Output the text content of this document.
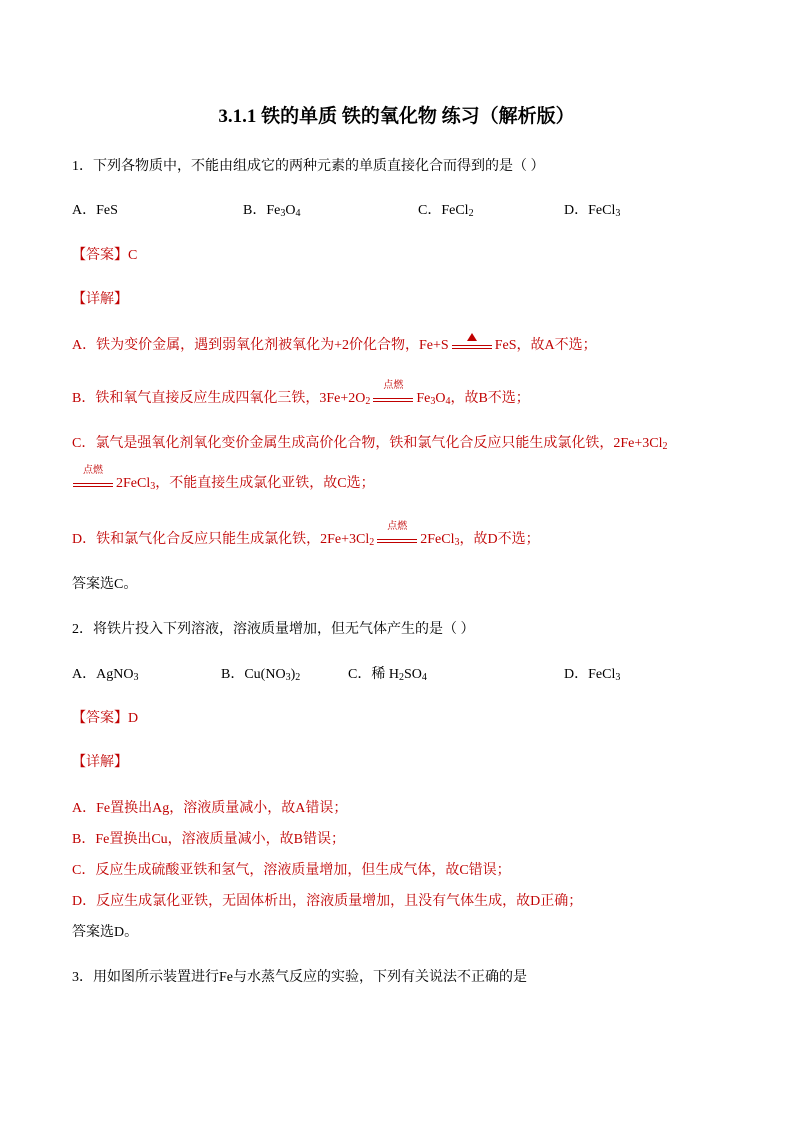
3.1.1 铁的单质 铁的氧化物 练习（解析版）
1．下列各物质中，不能由组成它的两种元素的单质直接化合而得到的是（ ）
A．FeS	B．$Fe_3O_4$	C．FeCl$_2$	D．FeCl$_3$
【答案】C
【详解】
A．铁为变价金属，遇到弱氧化剂被氧化为+2价化合物，Fe+S	FeS，故A不选；
B．铁和氧气直接反应生成四氧化三铁，$3Fe+2O_2$
点燃
$Fe_3O_4$，故B不选；
C．氯气是强氧化剂氧化变价金属生成高价化合物，铁和氯气化合反应只能生成氯化铁，$2Fe+3Cl_2$
点燃
2FeCl$_3$，不能直接生成氯化亚铁，故C选；
D．铁和氯气化合反应只能生成氯化铁，$2Fe+3Cl_2$
点燃
2FeCl$_3$，故D不选；
答案选C。
2．将铁片投入下列溶液，溶液质量增加，但无气体产生的是（ ）
A．AgNO$_3$	B．$Cu(NO_3)_2$	C．稀 $H_2SO_4$	D．FeCl$_3$
【答案】D
【详解】
A．Fe置换出Ag，溶液质量减小，故A错误；
B．Fe置换出Cu，溶液质量减小，故B错误；
C．反应生成硫酸亚铁和氢气，溶液质量增加，但生成气体，故C错误；
D．反应生成氯化亚铁，无固体析出，溶液质量增加，且没有气体生成，故D正确；
答案选D。
3．用如图所示装置进行Fe与水蒸气反应的实验，下列有关说法不正确的是
